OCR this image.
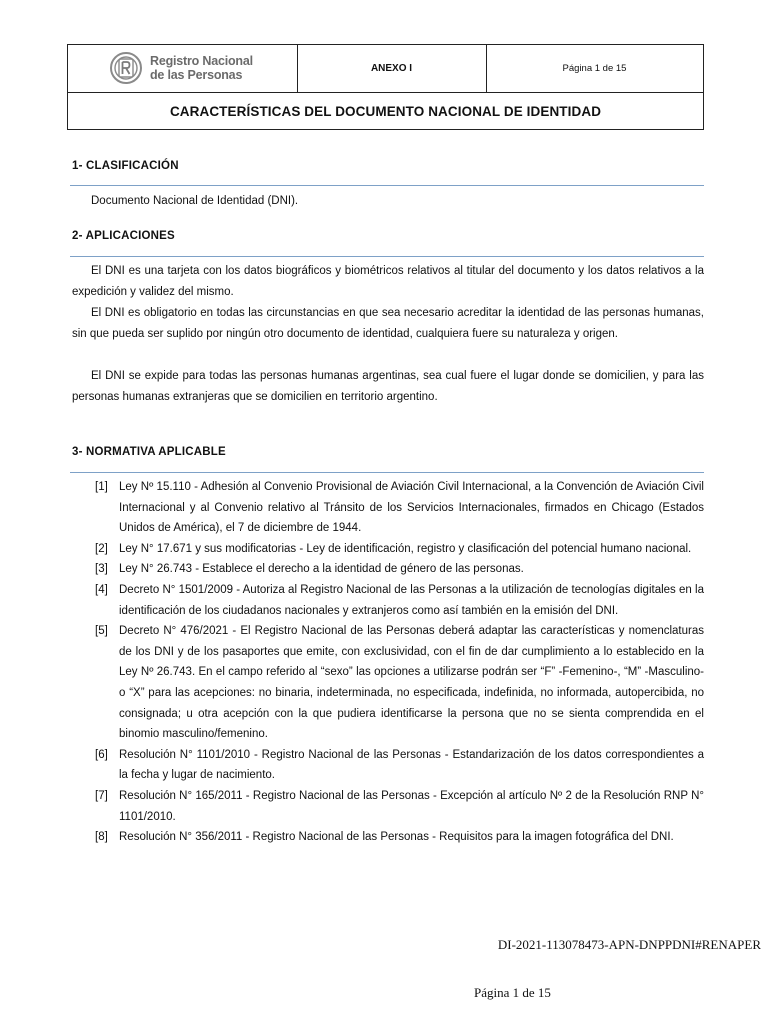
Registro Nacional
de las Personas	ANEXO I	Página 1 de 15
CARACTERÍSTICAS DEL DOCUMENTO NACIONAL DE IDENTIDAD
1- CLASIFICACIÓN
Documento Nacional de Identidad (DNI).
2- APLICACIONES
El DNI es una tarjeta con los datos biográficos y biométricos relativos al titular del documento y los datos relativos a la expedición y validez del mismo.
El DNI es obligatorio en todas las circunstancias en que sea necesario acreditar la identidad de las personas humanas, sin que pueda ser suplido por ningún otro documento de identidad, cualquiera fuere su naturaleza y origen.
El DNI se expide para todas las personas humanas argentinas, sea cual fuere el lugar donde se domicilien, y para las personas humanas extranjeras que se domicilien en territorio argentino.
3- NORMATIVA APLICABLE
[1] Ley Nº 15.110 - Adhesión al Convenio Provisional de Aviación Civil Internacional, a la Convención de Aviación Civil Internacional y al Convenio relativo al Tránsito de los Servicios Internacionales, firmados en Chicago (Estados Unidos de América), el 7 de diciembre de 1944.
[2] Ley N° 17.671 y sus modificatorias - Ley de identificación, registro y clasificación del potencial humano nacional.
[3] Ley N° 26.743 - Establece el derecho a la identidad de género de las personas.
[4] Decreto N° 1501/2009 - Autoriza al Registro Nacional de las Personas a la utilización de tecnologías digitales en la identificación de los ciudadanos nacionales y extranjeros como así también en la emisión del DNI.
[5] Decreto N° 476/2021 - El Registro Nacional de las Personas deberá adaptar las características y nomenclaturas de los DNI y de los pasaportes que emite, con exclusividad, con el fin de dar cumplimiento a lo establecido en la Ley Nº 26.743. En el campo referido al “sexo” las opciones a utilizarse podrán ser “F” -Femenino-, “M” -Masculino- o “X” para las acepciones: no binaria, indeterminada, no especificada, indefinida, no informada, autopercibida, no consignada; u otra acepción con la que pudiera identificarse la persona que no se sienta comprendida en el binomio masculino/femenino.
[6] Resolución N° 1101/2010 - Registro Nacional de las Personas - Estandarización de los datos correspondientes a la fecha y lugar de nacimiento.
[7] Resolución N° 165/2011 - Registro Nacional de las Personas - Excepción al artículo Nº 2 de la Resolución RNP N° 1101/2010.
[8] Resolución N° 356/2011 - Registro Nacional de las Personas - Requisitos para la imagen fotográfica del DNI.
DI-2021-113078473-APN-DNPPDNI#RENAPER
Página 1 de 15
